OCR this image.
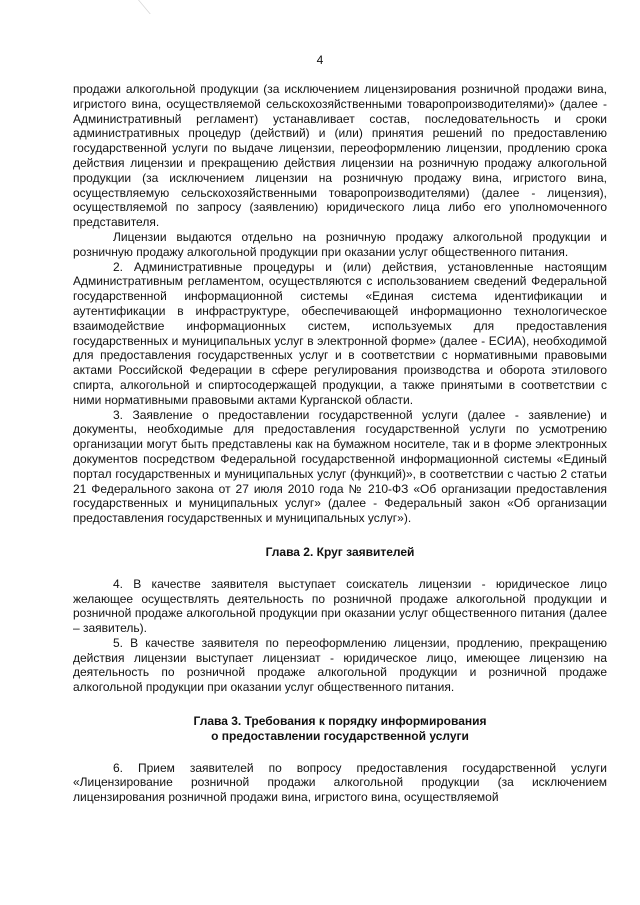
4

продажи алкогольной продукции (за исключением лицензирования розничной продажи вина, игристого вина, осуществляемой сельскохозяйственными товаропроизводителями)» (далее - Административный регламент) устанавливает состав, последовательность и сроки административных процедур (действий) и (или) принятия решений по предоставлению государственной услуги по выдаче лицензии, переоформлению лицензии, продлению срока действия лицензии и прекращению действия лицензии на розничную продажу алкогольной продукции (за исключением лицензии на розничную продажу вина, игристого вина, осуществляемую сельскохозяйственными товаропроизводителями) (далее - лицензия), осуществляемой по запросу (заявлению) юридического лица либо его уполномоченного представителя.

Лицензии выдаются отдельно на розничную продажу алкогольной продукции и розничную продажу алкогольной продукции при оказании услуг общественного питания.

2. Административные процедуры и (или) действия, установленные настоящим Административным регламентом, осуществляются с использованием сведений Федеральной государственной информационной системы «Единая система идентификации и аутентификации в инфраструктуре, обеспечивающей информационно технологическое взаимодействие информационных систем, используемых для предоставления государственных и муниципальных услуг в электронной форме» (далее - ЕСИА), необходимой для предоставления государственных услуг и в соответствии с нормативными правовыми актами Российской Федерации в сфере регулирования производства и оборота этилового спирта, алкогольной и спиртосодержащей продукции, а также принятыми в соответствии с ними нормативными правовыми актами Курганской области.

3. Заявление о предоставлении государственной услуги (далее - заявление) и документы, необходимые для предоставления государственной услуги по усмотрению организации могут быть представлены как на бумажном носителе, так и в форме электронных документов посредством Федеральной государственной информационной системы «Единый портал государственных и муниципальных услуг (функций)», в соответствии с частью 2 статьи 21 Федерального закона от 27 июля 2010 года № 210-ФЗ «Об организации предоставления государственных и муниципальных услуг» (далее - Федеральный закон «Об организации предоставления государственных и муниципальных услуг»).

Глава 2. Круг заявителей

4. В качестве заявителя выступает соискатель лицензии - юридическое лицо желающее осуществлять деятельность по розничной продаже алкогольной продукции и розничной продаже алкогольной продукции при оказании услуг общественного питания (далее – заявитель).

5. В качестве заявителя по переоформлению лицензии, продлению, прекращению действия лицензии выступает лицензиат - юридическое лицо, имеющее лицензию на деятельность по розничной продаже алкогольной продукции и розничной продаже алкогольной продукции при оказании услуг общественного питания.

Глава 3. Требования к порядку информирования
о предоставлении государственной услуги

6. Прием заявителей по вопросу предоставления государственной услуги «Лицензирование розничной продажи алкогольной продукции (за исключением лицензирования розничной продажи вина, игристого вина, осуществляемой
